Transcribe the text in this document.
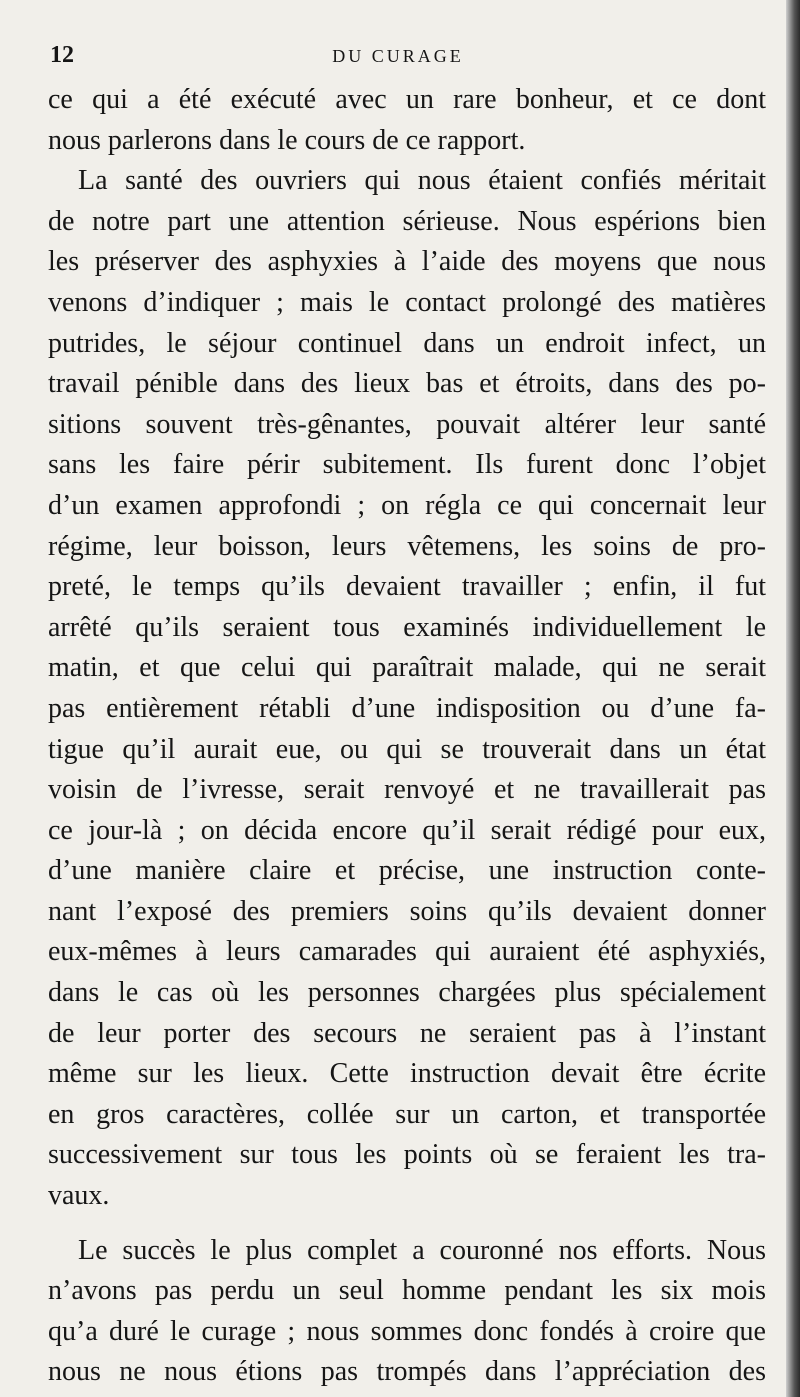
12	DU CURAGE
ce qui a été exécuté avec un rare bonheur, et ce dont
nous parlerons dans le cours de ce rapport.
La santé des ouvriers qui nous étaient confiés méritait
de notre part une attention sérieuse. Nous espérions bien
les préserver des asphyxies à l’aide des moyens que nous
venons d’indiquer ; mais le contact prolongé des matières
putrides, le séjour continuel dans un endroit infect, un
travail pénible dans des lieux bas et étroits, dans des po-
sitions souvent très-gênantes, pouvait altérer leur santé
sans les faire périr subitement. Ils furent donc l’objet
d’un examen approfondi ; on régla ce qui concernait leur
régime, leur boisson, leurs vêtemens, les soins de pro-
preté, le temps qu’ils devaient travailler ; enfin, il fut
arrêté qu’ils seraient tous examinés individuellement le
matin, et que celui qui paraîtrait malade, qui ne serait
pas entièrement rétabli d’une indisposition ou d’une fa-
tigue qu’il aurait eue, ou qui se trouverait dans un état
voisin de l’ivresse, serait renvoyé et ne travaillerait pas
ce jour-là ; on décida encore qu’il serait rédigé pour eux,
d’une manière claire et précise, une instruction conte-
nant l’exposé des premiers soins qu’ils devaient donner
eux-mêmes à leurs camarades qui auraient été asphyxiés,
dans le cas où les personnes chargées plus spécialement
de leur porter des secours ne seraient pas à l’instant
même sur les lieux. Cette instruction devait être écrite
en gros caractères, collée sur un carton, et transportée
successivement sur tous les points où se feraient les tra-
vaux.
Le succès le plus complet a couronné nos efforts. Nous
n’avons pas perdu un seul homme pendant les six mois
qu’a duré le curage ; nous sommes donc fondés à croire que
nous ne nous étions pas trompés dans l’appréciation des
